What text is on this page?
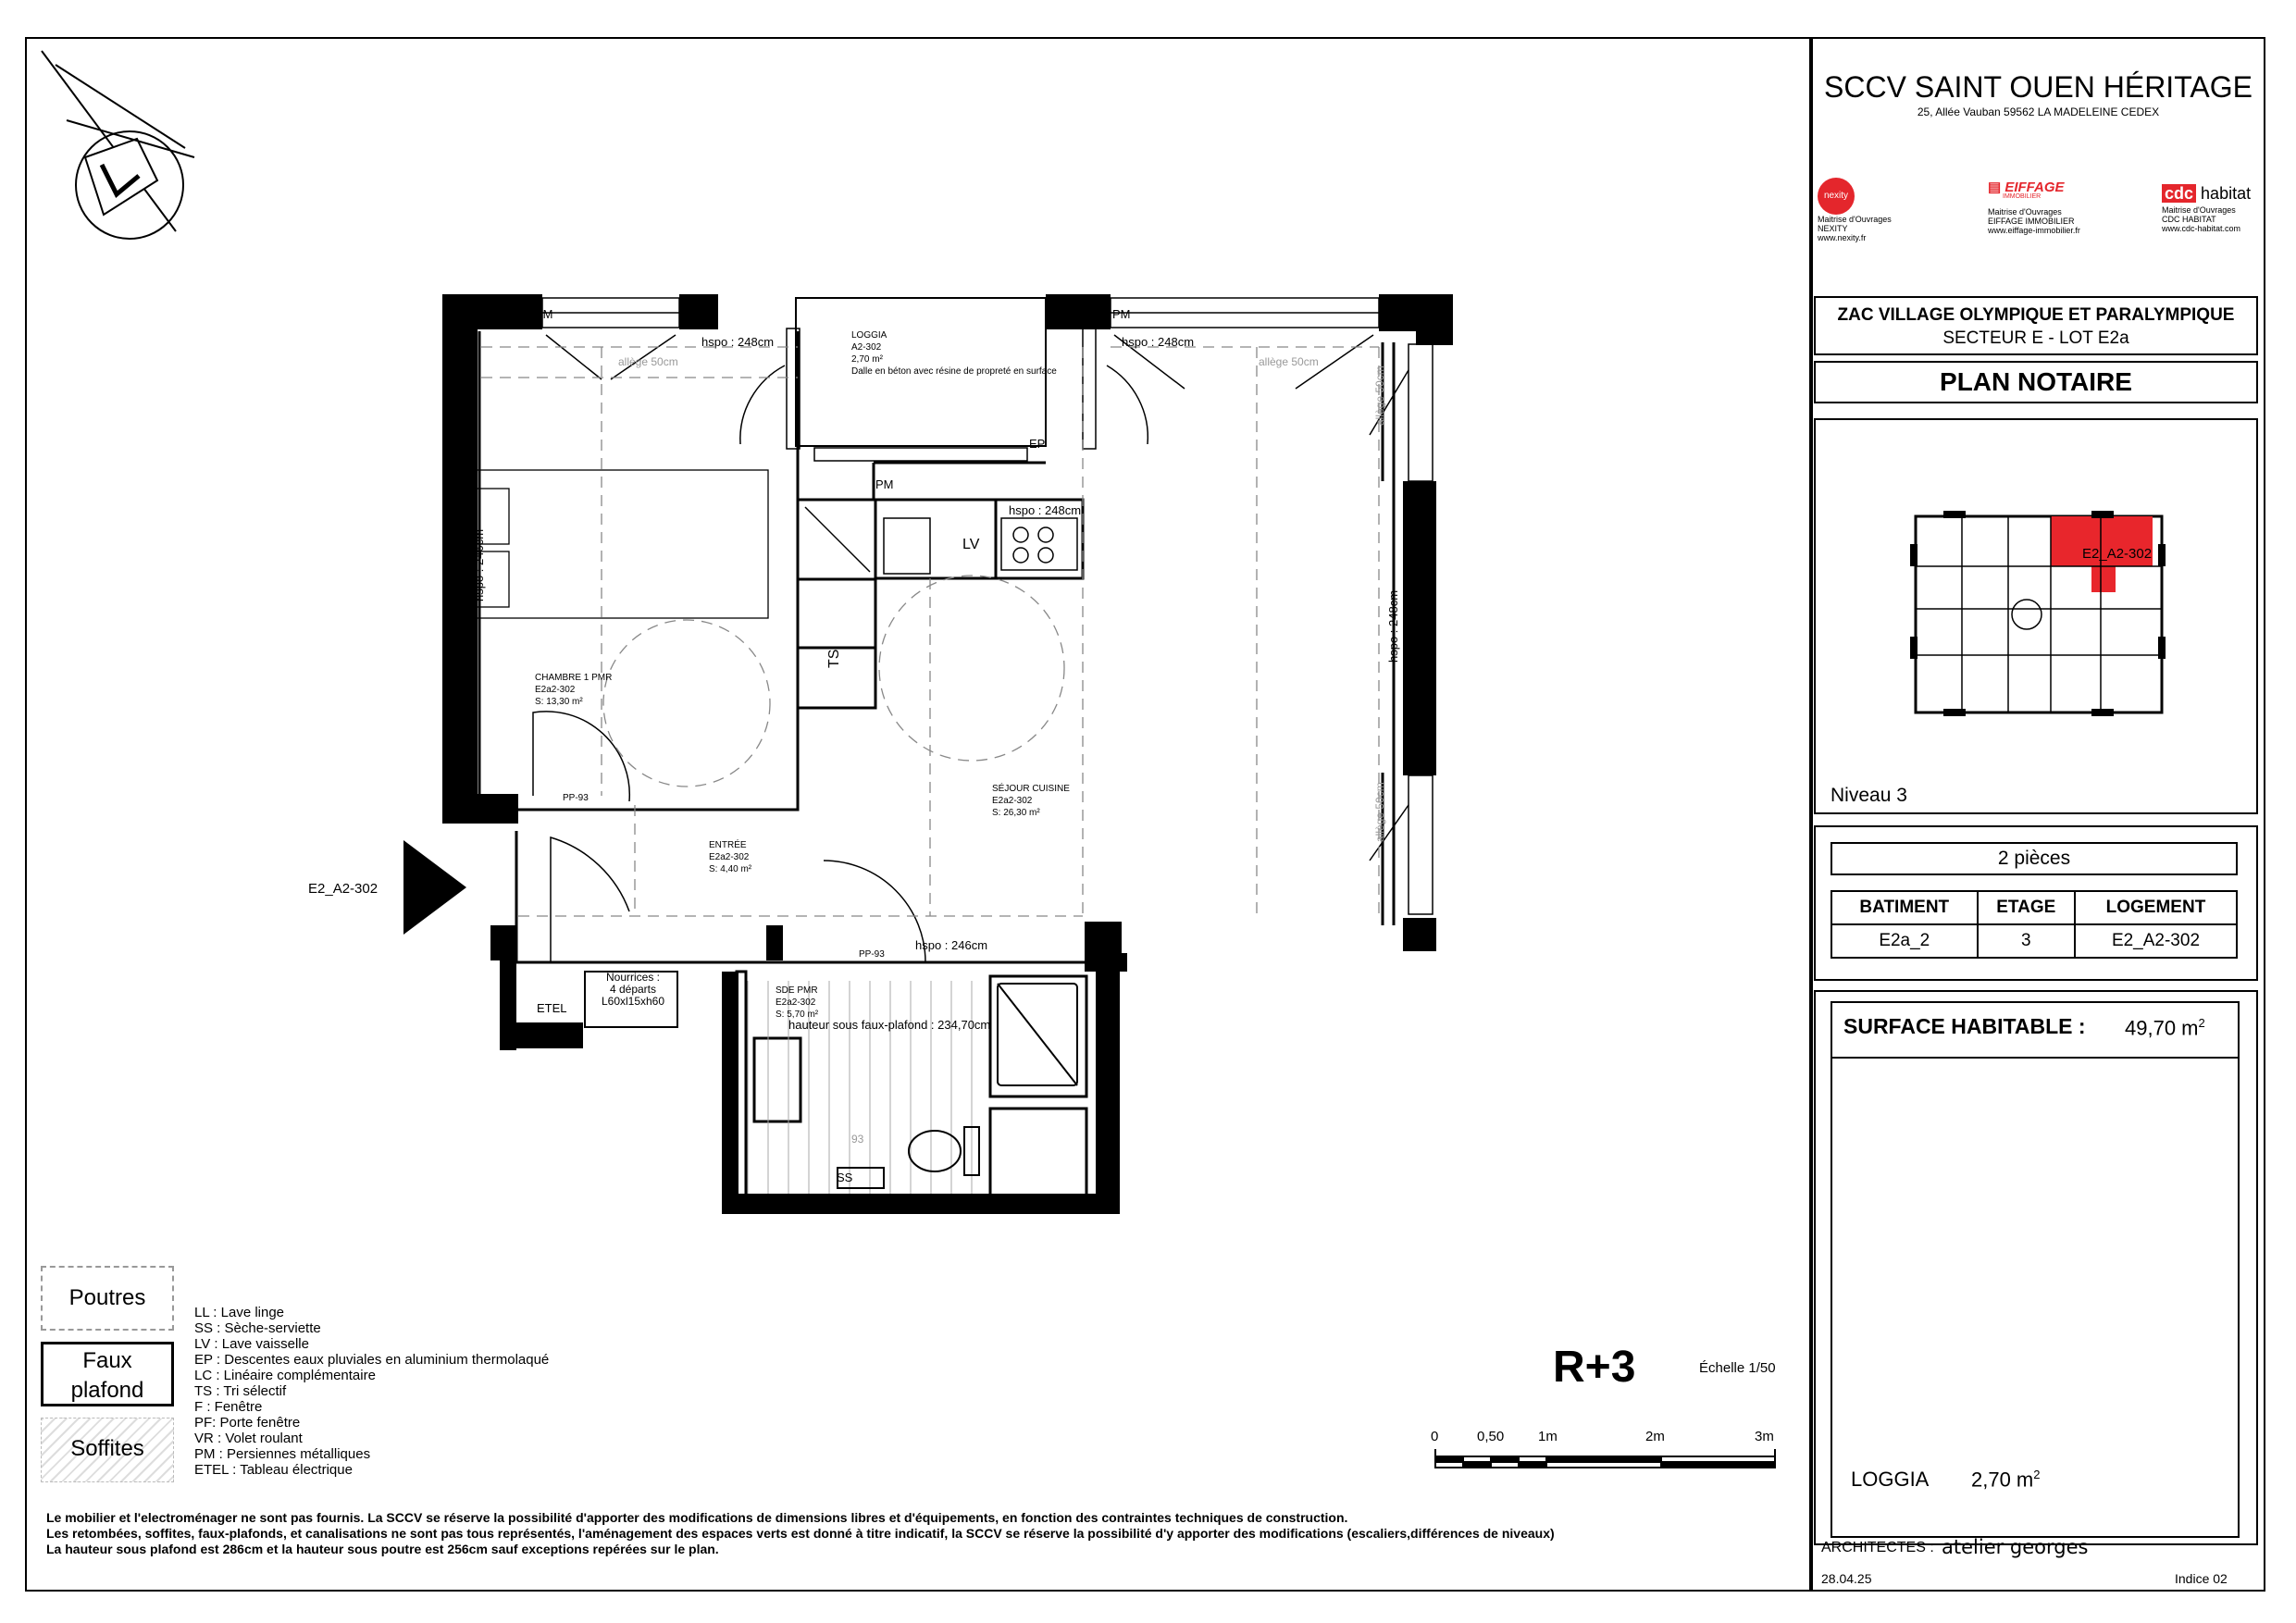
LOGGIA
A2-302
2,70 m²
Dalle en béton avec résine de propreté en surface
CHAMBRE 1 PMR
E2a2-302
S: 13,30 m²
SÉJOUR CUISINE
E2a2-302
S: 26,30 m²
ENTRÉE
E2a2-302
S: 4,40 m²
SDE PMR
E2a2-302
S: 5,70 m²
hauteur sous faux-plafond : 234,70cm
hspo : 248cm	hspo : 248cm
hspo : 248cm
hspo : 246cm
hspo : 246cm
hspo : 248cm
allège 50cm	allège 50cm
allège 50cm
allège 50cm
PM	PM
PM
EP
LV
TS
SS
ETEL
PP-93
PP-93
93
Nourrices :
4 départs
L60xl15xh60
E2_A2-302
R+3	Échelle 1/50
0	0,50 1m	2m	3m
Poutres
Faux plafond
Soffites
LL : Lave linge
SS : Sèche-serviette
LV : Lave vaisselle
EP : Descentes eaux pluviales en aluminium thermolaqué
LC : Linéaire complémentaire
TS : Tri sélectif
F : Fenêtre
PF: Porte fenêtre
VR : Volet roulant
PM : Persiennes métalliques
ETEL : Tableau électrique
Le mobilier et l'electroménager ne sont pas fournis. La SCCV se réserve la possibilité d'apporter des modifications de dimensions libres et d'équipements, en fonction des contraintes techniques de construction.
Les retombées, soffites, faux-plafonds, et canalisations ne sont pas tous représentés, l'aménagement des espaces verts est donné à titre indicatif, la SCCV se réserve la possibilité d'y apporter des modifications (escaliers,différences de niveaux)
La hauteur sous plafond est 286cm et la hauteur sous poutre est 256cm sauf exceptions repérées sur le plan.
SCCV SAINT OUEN HÉRITAGE
25, Allée Vauban 59562 LA MADELEINE CEDEX
nexity
Maitrise d'Ouvrages
NEXITY
www.nexity.fr
▤ EIFFAGE
IMMOBILIER
Maitrise d'Ouvrages
EIFFAGE IMMOBILIER
www.eiffage-immobilier.fr
cdc habitat
Maitrise d'Ouvrages
CDC HABITAT
www.cdc-habitat.com
ZAC VILLAGE OLYMPIQUE ET PARALYMPIQUE
SECTEUR E - LOT E2a
PLAN NOTAIRE
E2_A2-302
Niveau 3
2 pièces
BATIMENT	ETAGE	LOGEMENT
E2a_2	3	E2_A2-302
SURFACE HABITABLE : 49,70 $m^2$
LOGGIA 2,70 $m^2$
ARCHITECTES : atelier georges
28.04.25	Indice 02
